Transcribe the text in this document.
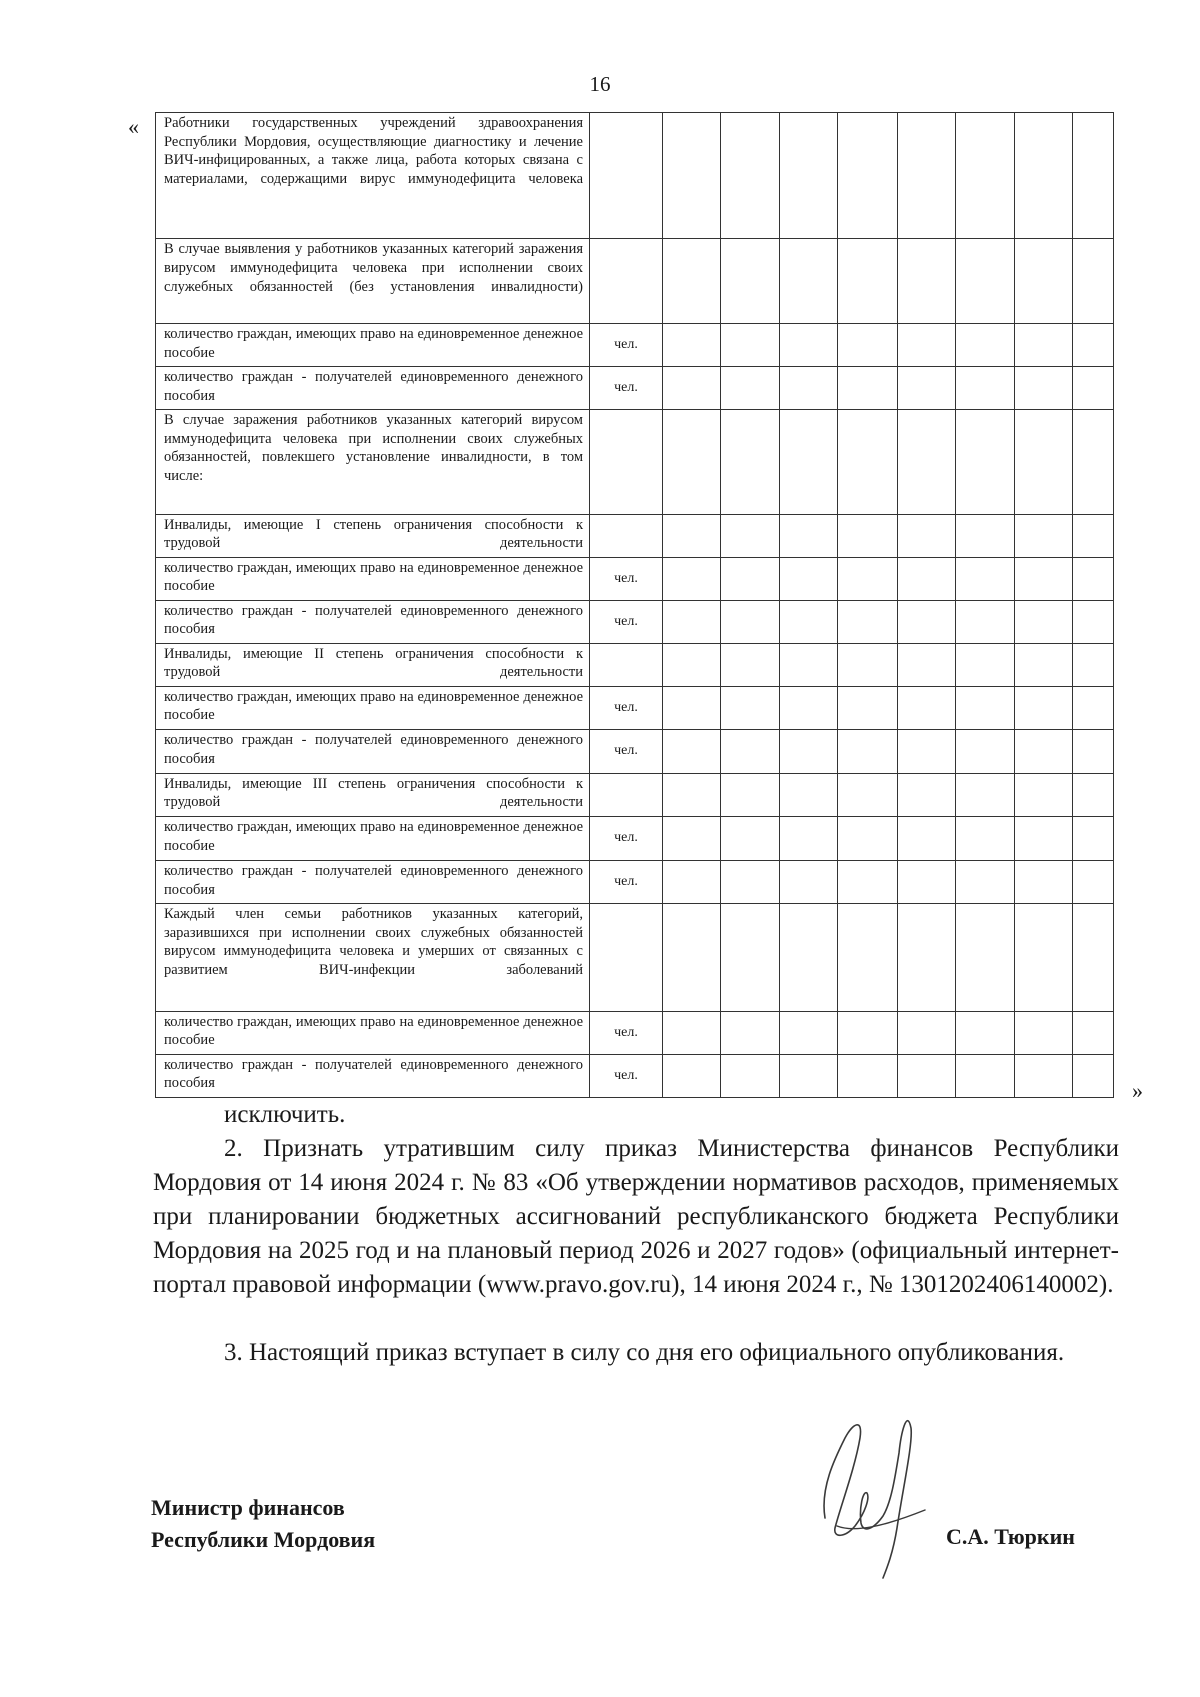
16
« Работники государственных учреждений здравоохранения Республики Мордовия, осуществляющие диагностику и лечение ВИЧ-инфицированных, а также лица, работа которых связана с материалами, содержащими вирус иммунодефицита человека									
В случае выявления у работников указанных категорий заражения вирусом иммунодефицита человека при исполнении своих служебных обязанностей (без установления инвалидности)									
количество граждан, имеющих право на единовременное денежное пособие	чел.								
количество граждан - получателей единовременного денежного пособия	чел.								
В случае заражения работников указанных категорий вирусом иммунодефицита человека при исполнении своих служебных обязанностей, повлекшего установление инвалидности, в том числе:									
Инвалиды, имеющие I степень ограничения способности к трудовой деятельности									
количество граждан, имеющих право на единовременное денежное пособие	чел.								
количество граждан - получателей единовременного денежного пособия	чел.								
Инвалиды, имеющие II степень ограничения способности к трудовой деятельности									
количество граждан, имеющих право на единовременное денежное пособие	чел.								
количество граждан - получателей единовременного денежного пособия	чел.								
Инвалиды, имеющие III степень ограничения способности к трудовой деятельности									
количество граждан, имеющих право на единовременное денежное пособие	чел.								
количество граждан - получателей единовременного денежного пособия	чел.								
Каждый член семьи работников указанных категорий, заразившихся при исполнении своих служебных обязанностей вирусом иммунодефицита человека и умерших от связанных с развитием ВИЧ-инфекции заболеваний									
количество граждан, имеющих право на единовременное денежное пособие	чел.								
количество граждан - получателей единовременного денежного пособия	чел.								
»
исключить.
2. Признать утратившим силу приказ Министерства финансов Республики Мордовия от 14 июня 2024 г. № 83 «Об утверждении нормативов расходов, применяемых при планировании бюджетных ассигнований республиканского бюджета Республики Мордовия на 2025 год и на плановый период 2026 и 2027 годов» (официальный интернет-портал правовой информации (www.pravo.gov.ru), 14 июня 2024 г., № 1301202406140002).
3. Настоящий приказ вступает в силу со дня его официального опубликования.
Министр финансов
Республики Мордовия	С.А. Тюркин
